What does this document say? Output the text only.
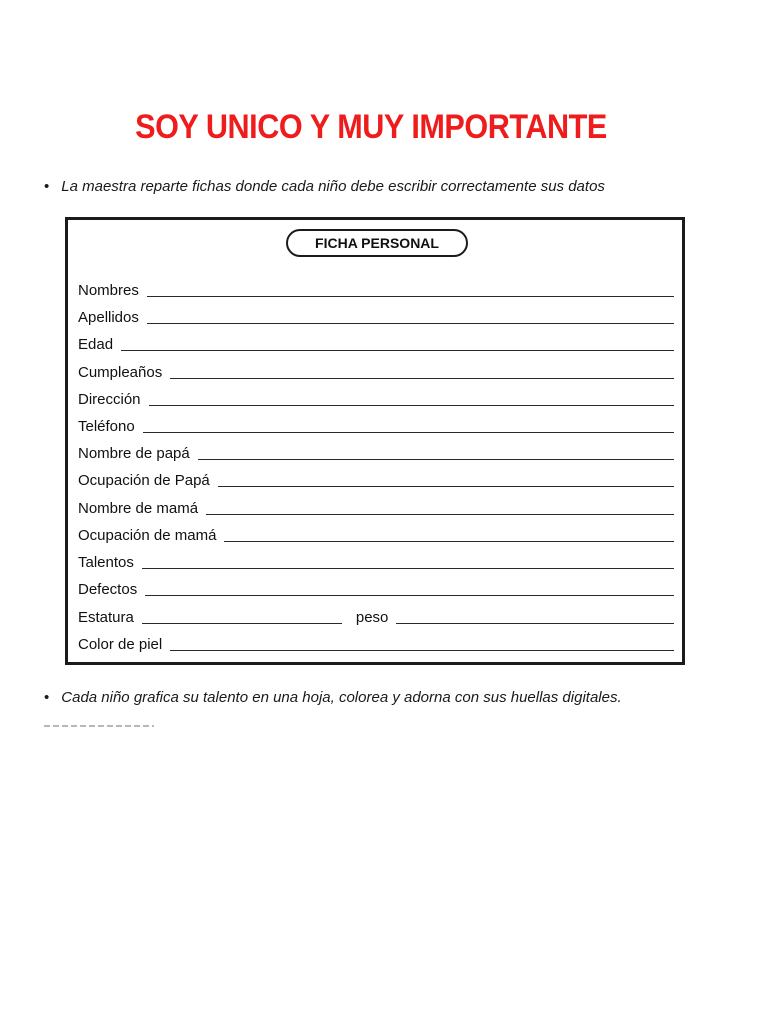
SOY UNICO Y MUY IMPORTANTE
• La maestra reparte fichas donde cada niño debe escribir correctamente sus datos
FICHA PERSONAL
Nombres
Apellidos
Edad
Cumpleaños
Dirección
Teléfono
Nombre de papá
Ocupación de Papá
Nombre de mamá
Ocupación de mamá
Talentos
Defectos
Estatura	peso
Color de piel
• Cada niño grafica su talento en una hoja, colorea y adorna con sus huellas digitales.
